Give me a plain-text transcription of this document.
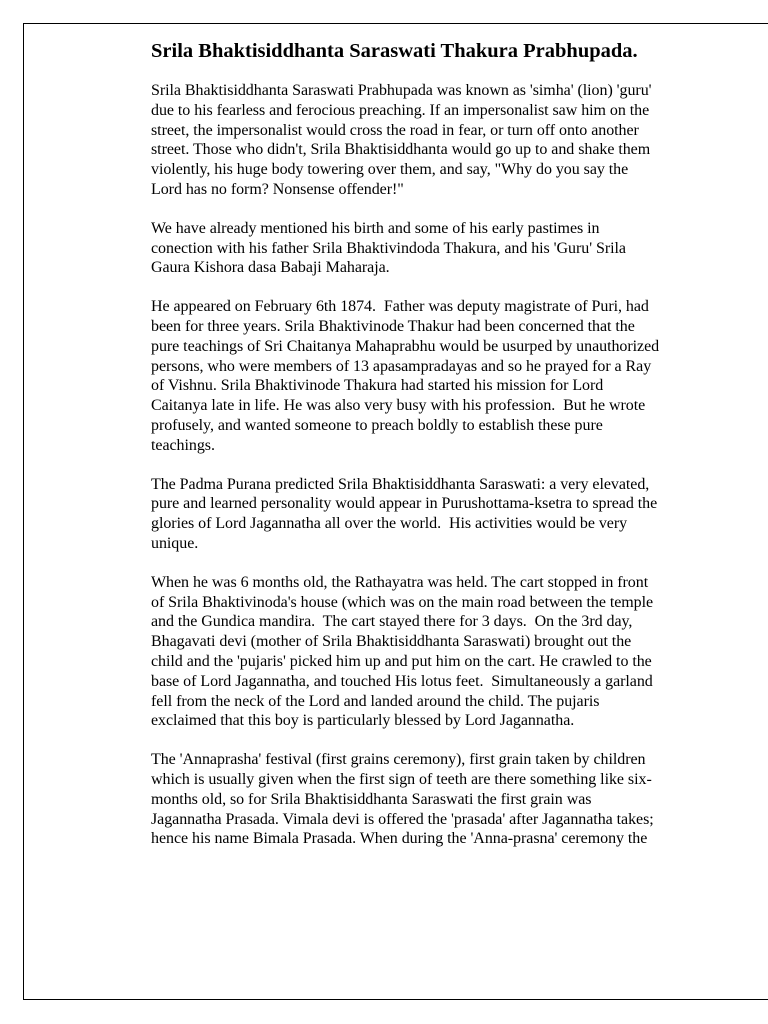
Srila Bhaktisiddhanta Saraswati Thakura Prabhupada.

Srila Bhaktisiddhanta Saraswati Prabhupada was known as 'simha' (lion) 'guru'
due to his fearless and ferocious preaching. If an impersonalist saw him on the
street, the impersonalist would cross the road in fear, or turn off onto another
street. Those who didn't, Srila Bhaktisiddhanta would go up to and shake them
violently, his huge body towering over them, and say, "Why do you say the
Lord has no form? Nonsense offender!"

We have already mentioned his birth and some of his early pastimes in
conection with his father Srila Bhaktivindoda Thakura, and his 'Guru' Srila
Gaura Kishora dasa Babaji Maharaja.

He appeared on February 6th 1874.  Father was deputy magistrate of Puri, had
been for three years. Srila Bhaktivinode Thakur had been concerned that the
pure teachings of Sri Chaitanya Mahaprabhu would be usurped by unauthorized
persons, who were members of 13 apasampradayas and so he prayed for a Ray
of Vishnu. Srila Bhaktivinode Thakura had started his mission for Lord
Caitanya late in life. He was also very busy with his profession.  But he wrote
profusely, and wanted someone to preach boldly to establish these pure
teachings.

The Padma Purana predicted Srila Bhaktisiddhanta Saraswati: a very elevated,
pure and learned personality would appear in Purushottama-ksetra to spread the
glories of Lord Jagannatha all over the world.  His activities would be very
unique.

When he was 6 months old, the Rathayatra was held. The cart stopped in front
of Srila Bhaktivinoda's house (which was on the main road between the temple
and the Gundica mandira.  The cart stayed there for 3 days.  On the 3rd day,
Bhagavati devi (mother of Srila Bhaktisiddhanta Saraswati) brought out the
child and the 'pujaris' picked him up and put him on the cart. He crawled to the
base of Lord Jagannatha, and touched His lotus feet.  Simultaneously a garland
fell from the neck of the Lord and landed around the child. The pujaris
exclaimed that this boy is particularly blessed by Lord Jagannatha.

The 'Annaprasha' festival (first grains ceremony), first grain taken by children
which is usually given when the first sign of teeth are there something like six-
months old, so for Srila Bhaktisiddhanta Saraswati the first grain was
Jagannatha Prasada. Vimala devi is offered the 'prasada' after Jagannatha takes;
hence his name Bimala Prasada. When during the 'Anna-prasna' ceremony the
